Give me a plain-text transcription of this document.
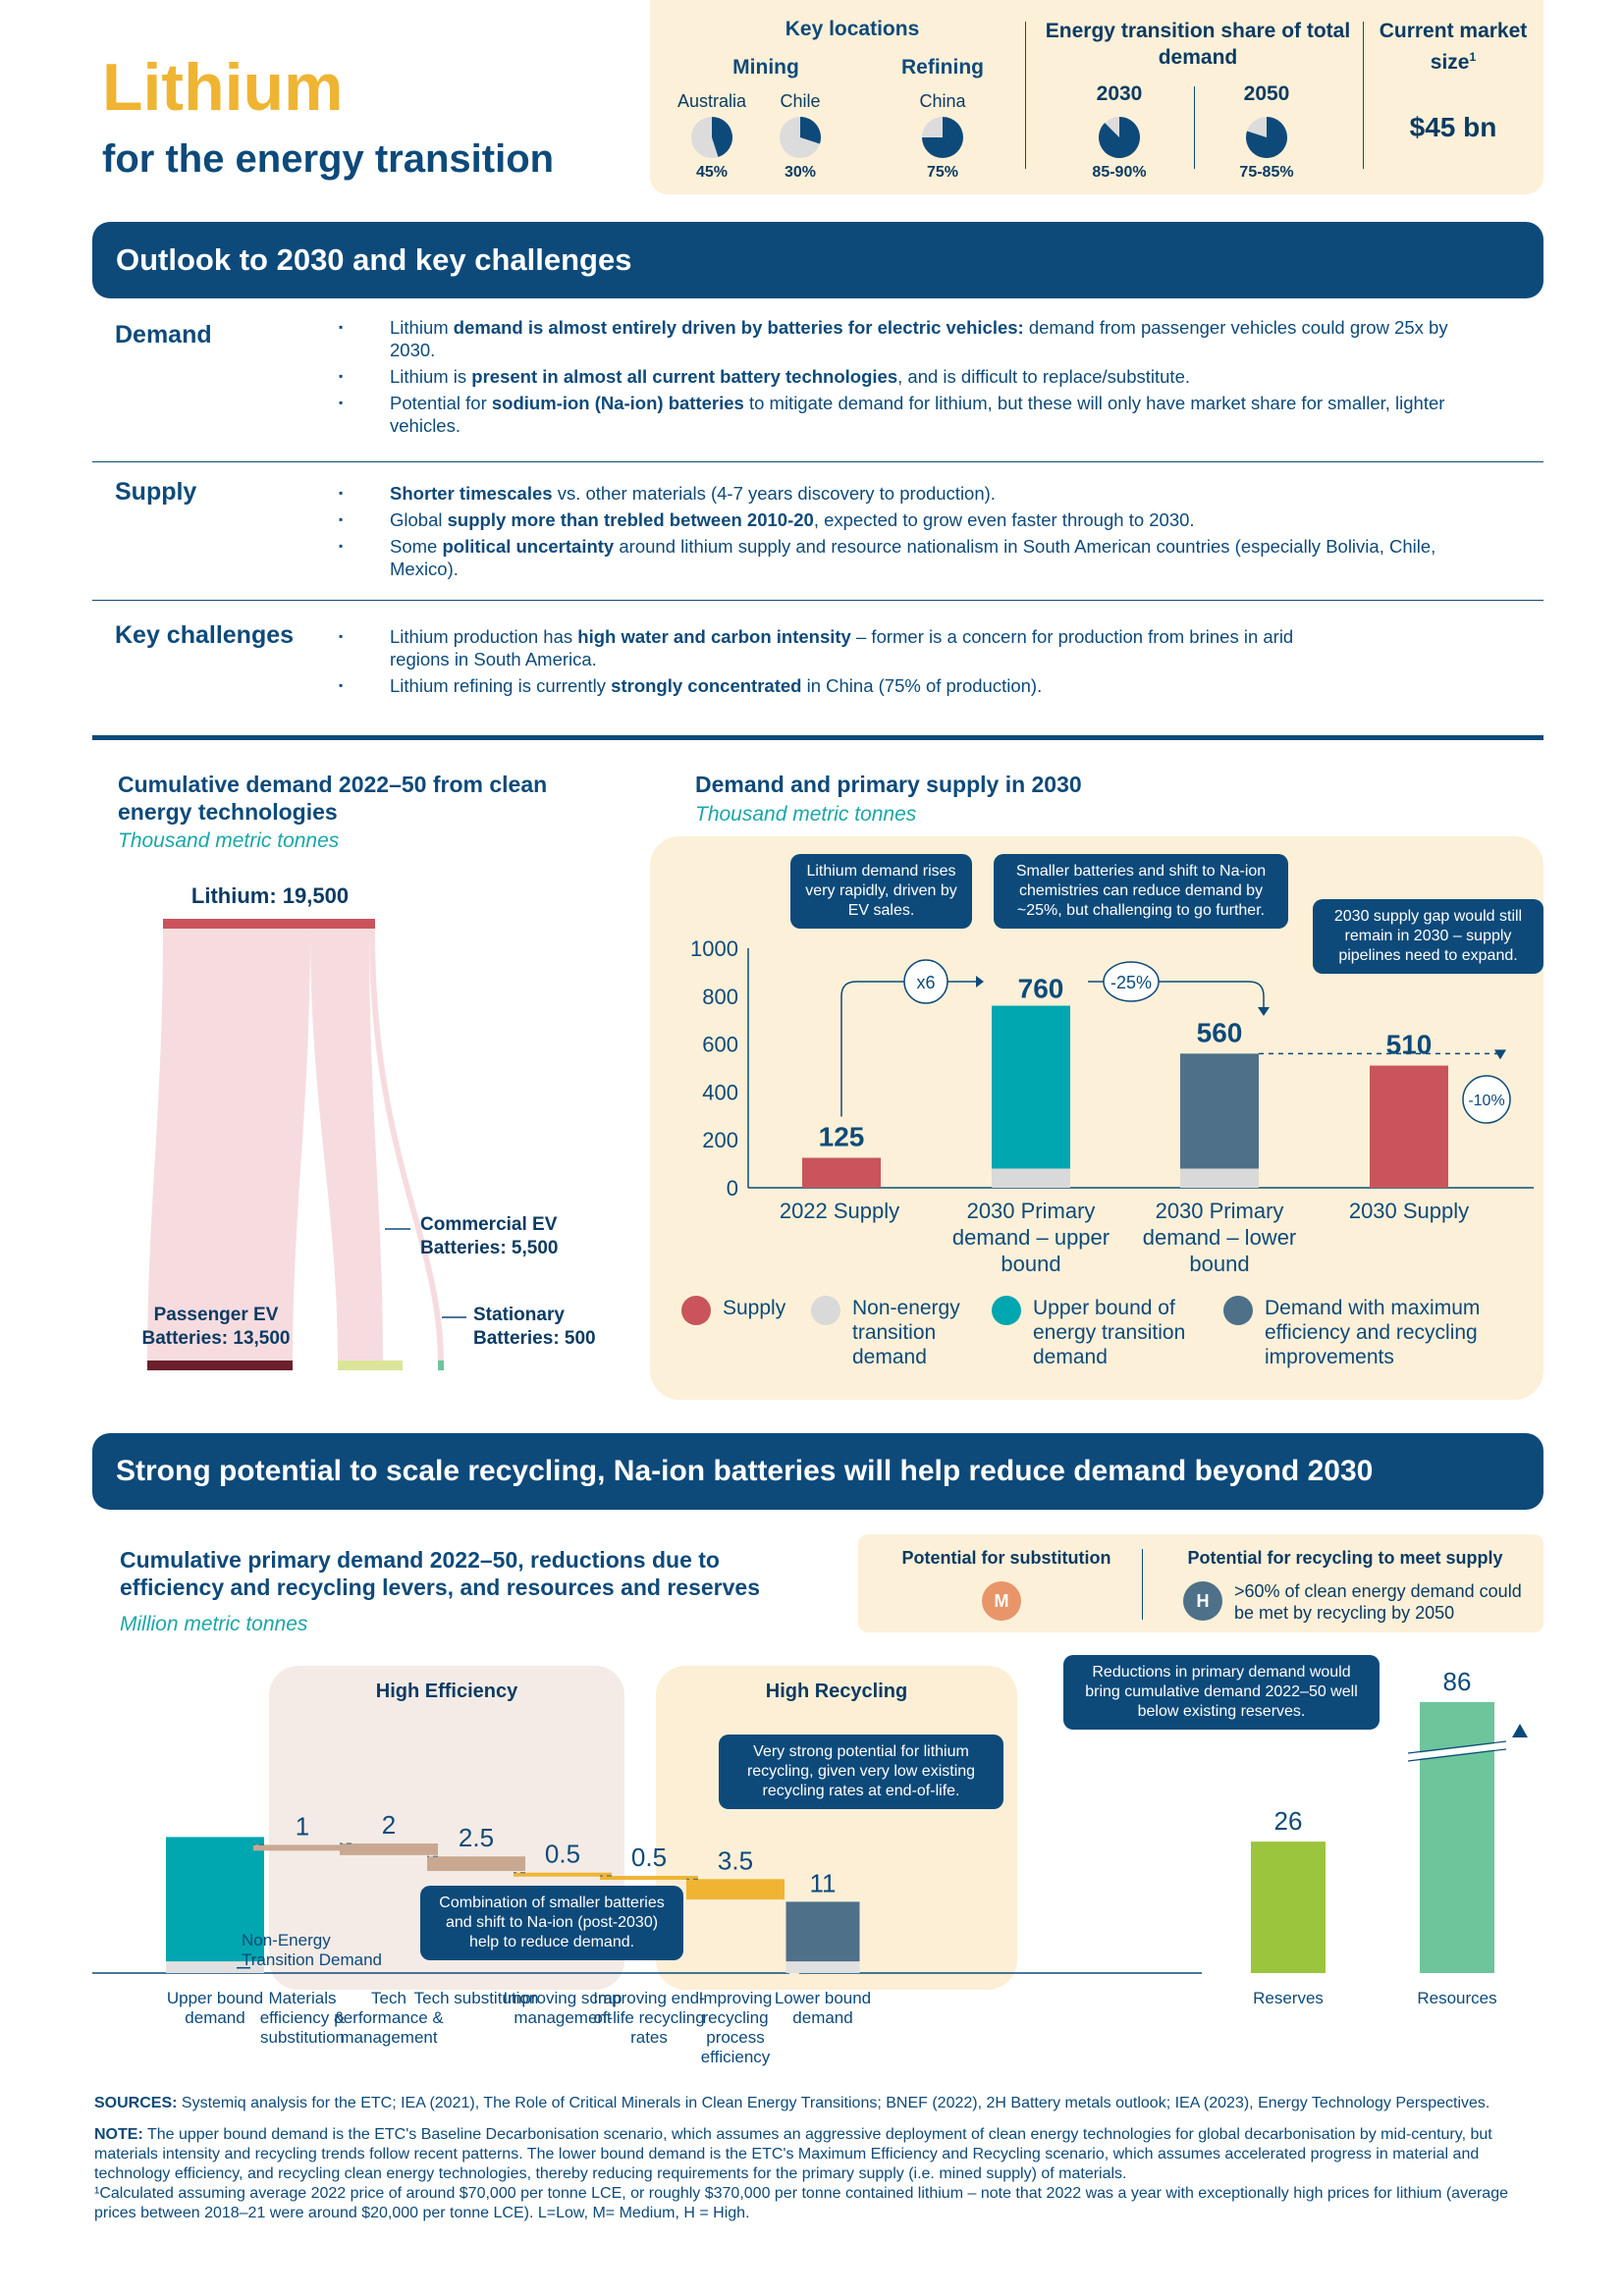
Lithium
for the energy transition
Key locations
Mining	Refining
Australia	Chile	China
45%	30%	75%
Energy transition share of total demand
2030	2050
85-90%	75-85%
Current market size$^1$
$45 bn
Outlook to 2030 and key challenges
Demand	▪ Lithium demand is almost entirely driven by batteries for electric vehicles: demand from passenger vehicles could grow 25x by 2030.
▪ Lithium is present in almost all current battery technologies, and is difficult to replace/substitute.
▪ Potential for sodium-ion (Na-ion) batteries to mitigate demand for lithium, but these will only have market share for smaller, lighter vehicles.
Supply	▪ Shorter timescales vs. other materials (4-7 years discovery to production).
▪ Global supply more than trebled between 2010-20, expected to grow even faster through to 2030.
▪ Some political uncertainty around lithium supply and resource nationalism in South American countries (especially Bolivia, Chile, Mexico).
Key challenges	▪ Lithium production has high water and carbon intensity – former is a concern for production from brines in arid regions in South America.
▪ Lithium refining is currently strongly concentrated in China (75% of production).
Cumulative demand 2022–50 from clean energy technologies
Thousand metric tonnes
Lithium: 19,500
Commercial EV Batteries: 5,500
Stationary Batteries: 500
Passenger EV Batteries: 13,500
Demand and primary supply in 2030
Thousand metric tonnes
0
200
400
600
800
1000
125
760
560	510
x6	-25%
-10%
Lithium demand rises very rapidly, driven by EV sales.
Smaller batteries and shift to Na-ion chemistries can reduce demand by ~25%, but challenging to go further.	2030 supply gap would still remain in 2030 – supply pipelines need to expand.
2022 Supply	2030 Primary demand – upper bound
2030 Primary demand – lower bound
2030 Supply
Supply	Non-energy transition demand
Upper bound of energy transition demand
Demand with maximum efficiency and recycling improvements
Strong potential to scale recycling, Na-ion batteries will help reduce demand beyond 2030
Cumulative primary demand 2022–50, reductions due to efficiency and recycling levers, and resources and reserves
Million metric tonnes
Potential for substitution
M
Potential for recycling to meet supply
H	>60% of clean energy demand could be met by recycling by 2050
High Efficiency	High Recycling
1	2 2.5
0.5 0.5 3.5
11
26
86
Very strong potential for lithium recycling, given very low existing recycling rates at end-of-life.
Combination of smaller batteries and shift to Na-ion (post-2030) help to reduce demand.
Reductions in primary demand would bring cumulative demand 2022–50 well below existing reserves.
Non-Energy Transition Demand
Upper bound demand
Materials efficiency & substitution
Tech performance & management
Tech substitution
Improving scrap management
Improving end-of-life recycling rates
Improving recycling process efficiency
Lower bound demand
Reserves	Resources
SOURCES: Systemiq analysis for the ETC; IEA (2021), The Role of Critical Minerals in Clean Energy Transitions; BNEF (2022), 2H Battery metals outlook; IEA (2023), Energy Technology Perspectives.
NOTE: The upper bound demand is the ETC's Baseline Decarbonisation scenario, which assumes an aggressive deployment of clean energy technologies for global decarbonisation by mid-century, but materials intensity and recycling trends follow recent patterns. The lower bound demand is the ETC's Maximum Efficiency and Recycling scenario, which assumes accelerated progress in material and technology efficiency, and recycling clean energy technologies, thereby reducing requirements for the primary supply (i.e. mined supply) of materials.
¹Calculated assuming average 2022 price of around $70,000 per tonne LCE, or roughly $370,000 per tonne contained lithium – note that 2022 was a year with exceptionally high prices for lithium (average prices between 2018–21 were around $20,000 per tonne LCE). L=Low, M= Medium, H = High.
